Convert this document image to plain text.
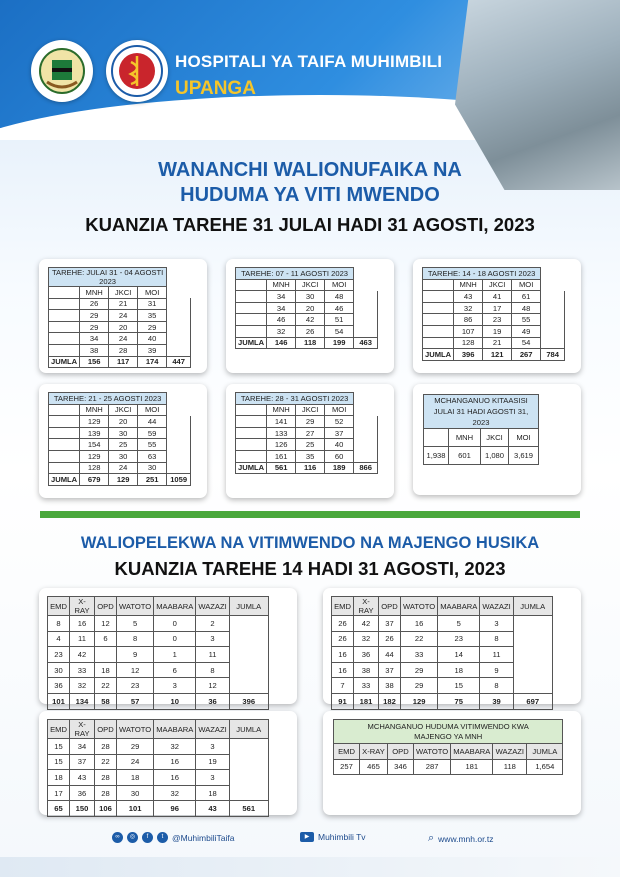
HOSPITALI YA TAIFA MUHIMBILI
UPANGA
WANANCHI WALIONUFAIKA NA
HUDUMA YA VITI MWENDO
KUANZIA TAREHE 31 JULAI HADI 31 AGOSTI, 2023
TAREHE: JULAI 31 - 04 AGOSTI 2023				
	MNH	JKCI	MOI	
	26	21	31	
	29	24	35	
	29	20	29	
	34	24	40	
	38	28	39	
JUMLA	156	117	174	447
TAREHE: 07 - 11 AGOSTI 2023				
	MNH	JKCI	MOI	
	34	30	48	
	34	20	46	
	46	42	51	
	32	26	54	
JUMLA	146	118	199	463
TAREHE: 14 - 18 AGOSTI 2023				
	MNH	JKCI	MOI	
	43	41	61	
	32	17	48	
	86	23	55	
	107	19	49	
	128	21	54	
JUMLA	396	121	267	784
TAREHE: 21 - 25 AGOSTI 2023				
	MNH	JKCI	MOI	
	129	20	44	
	139	30	59	
	154	25	55	
	129	30	63	
	128	24	30	
JUMLA	679	129	251	1059
TAREHE: 28 - 31 AGOSTI 2023				
	MNH	JKCI	MOI	
	141	29	52	
	133	27	37	
	126	25	40	
	161	35	60	
JUMLA	561	116	189	866
MCHANGANUO KITAASISI
JULAI 31 HADI AGOSTI 31, 2023				
	MNH	JKCI	MOI	
1,938	601	1,080	3,619	
WALIOPELEKWA NA VITIMWENDO NA MAJENGO HUSIKA
KUANZIA TAREHE 14 HADI 31 AGOSTI, 2023
EMD	X-RAY	OPD	WATOTO	MAABARA	WAZAZI	JUMLA
8	16	12	5	0	2	
4	11	6	8	0	3	
23	42		9	1	11	
30	33	18	12	6	8	
36	32	22	23	3	12	
101	134	58	57	10	36	396
EMD	X-RAY	OPD	WATOTO	MAABARA	WAZAZI	JUMLA
26	42	37	16	5	3	
26	32	26	22	23	8	
16	36	44	33	14	11	
16	38	37	29	18	9	
7	33	38	29	15	8	
91	181	182	129	75	39	697
EMD	X-RAY	OPD	WATOTO	MAABARA	WAZAZI	JUMLA
15	34	28	29	32	3	
15	37	22	24	16	19	
18	43	28	18	16	3	
17	36	28	30	32	18	
65	150	106	101	96	43	561
MCHANGANUO HUDUMA VITIMWENDO KWA
MAJENGO YA MNH						
EMD	X-RAY	OPD	WATOTO	MAABARA	WAZAZI	JUMLA
257	465	346	287	181	118	1,654
∞	◎	f	t	@MuhimbiliTaifa	▶	Muhimbili Tv	⌕ www.mnh.or.tz
